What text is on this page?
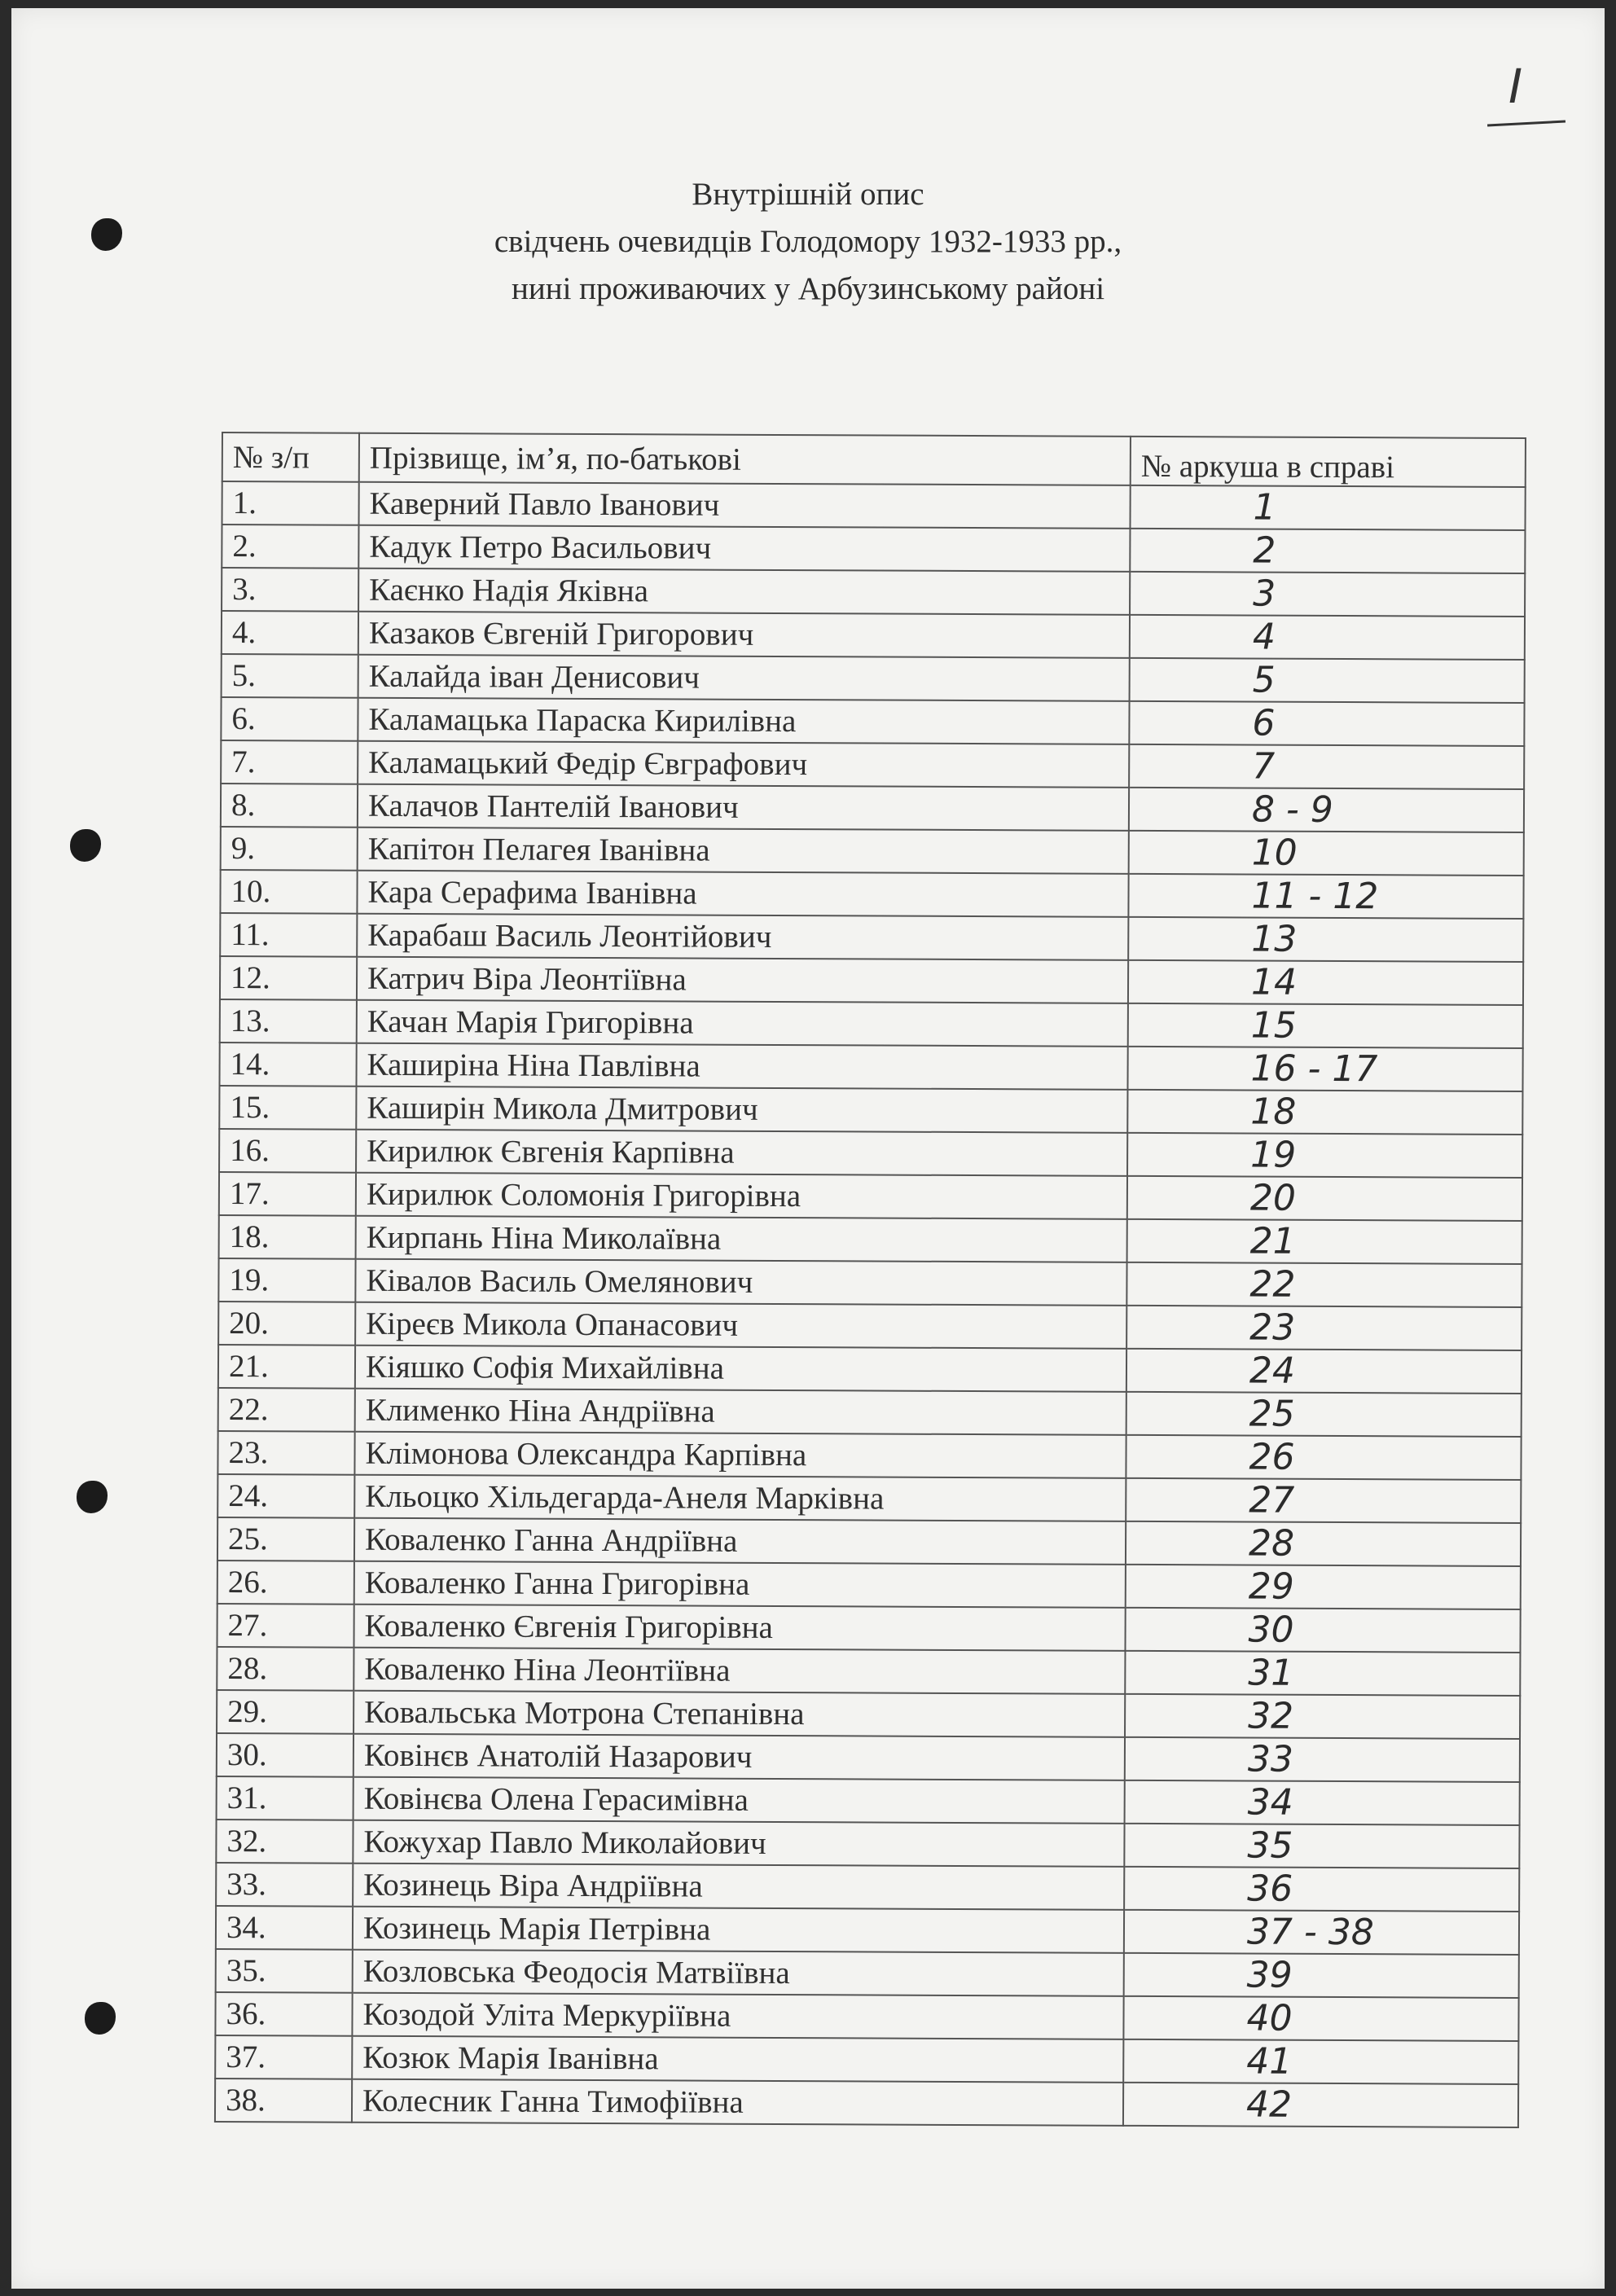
I
Внутрішній опис
свідчень очевидців Голодомору 1932-1933 рр.,
нині проживаючих у Арбузинському районі
№ з/п	Прізвище, ім’я, по-батькові	№ аркуша в справі
1.	Каверний Павло Іванович	1
2.	Кадук Петро Васильович	2
3.	Каєнко Надія Яківна	3
4.	Казаков Євгеній Григорович	4
5.	Калайда іван Денисович	5
6.	Каламацька Параска Кирилівна	6
7.	Каламацький Федір Євграфович	7
8.	Калачов Пантелій Іванович	8 - 9
9.	Капітон Пелагея Іванівна	10
10.	Кара Серафима Іванівна	11 - 12
11.	Карабаш Василь Леонтійович	13
12.	Катрич Віра Леонтіївна	14
13.	Качан Марія Григорівна	15
14.	Каширіна Ніна Павлівна	16 - 17
15.	Каширін Микола Дмитрович	18
16.	Кирилюк Євгенія Карпівна	19
17.	Кирилюк Соломонія Григорівна	20
18.	Кирпань Ніна Миколаївна	21
19.	Ківалов Василь Омелянович	22
20.	Кіреєв Микола Опанасович	23
21.	Кіяшко Софія Михайлівна	24
22.	Клименко Ніна Андріївна	25
23.	Клімонова Олександра Карпівна	26
24.	Кльоцко Хільдегарда-Анеля Марківна	27
25.	Коваленко Ганна Андріївна	28
26.	Коваленко Ганна Григорівна	29
27.	Коваленко Євгенія Григорівна	30
28.	Коваленко Ніна Леонтіївна	31
29.	Ковальська Мотрона Степанівна	32
30.	Ковінєв Анатолій Назарович	33
31.	Ковінєва Олена Герасимівна	34
32.	Кожухар Павло Миколайович	35
33.	Козинець Віра Андріївна	36
34.	Козинець Марія Петрівна	37 - 38
35.	Козловська Феодосія Матвіївна	39
36.	Козодой Уліта Меркуріївна	40
37.	Козюк Марія Іванівна	41
38.	Колесник Ганна Тимофіївна	42
